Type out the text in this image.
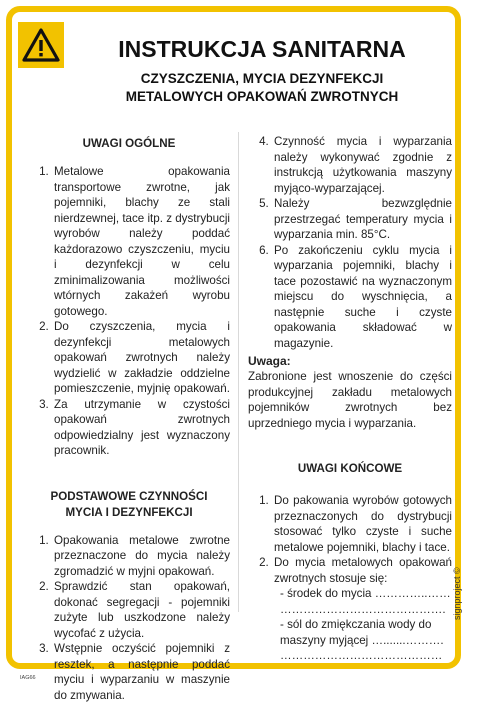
INSTRUKCJA SANITARNA
CZYSZCZENIA, MYCIA DEZYNFEKCJI
METALOWYCH OPAKOWAŃ ZWROTNYCH
UWAGI OGÓLNE
1. Metalowe opakowania transportowe zwrotne, jak pojemniki, blachy ze stali nierdzewnej, tace itp. z dystrybucji wyrobów należy poddać każdorazowo czyszczeniu, myciu i dezynfekcji w celu zminimalizowania możliwości wtórnych zakażeń wyrobu gotowego.
2. Do czyszczenia, mycia i dezynfekcji metalowych opakowań zwrotnych należy wydzielić w zakładzie oddzielne pomieszczenie, myjnię opakowań.
3. Za utrzymanie w czystości opakowań zwrotnych odpowiedzialny jest wyznaczony pracownik.
PODSTAWOWE CZYNNOŚCI
MYCIA I DEZYNFEKCJI
1. Opakowania metalowe zwrotne przeznaczone do mycia należy zgromadzić w myjni opakowań.
2. Sprawdzić stan opakowań, dokonać segregacji - pojemniki zużyte lub uszkodzone należy wycofać z użycia.
3. Wstępnie oczyścić pojemniki z resztek, a następnie poddać myciu i wyparzaniu w maszynie do zmywania.
4. Czynność mycia i wyparzania należy wykonywać zgodnie z instrukcją użytkowania maszyny myjąco-wyparzającej.
5. Należy bezwzględnie przestrzegać temperatury mycia i wyparzania min. 85°C.
6. Po zakończeniu cyklu mycia i wyparzania pojemniki, blachy i tace pozostawić na wyznaczonym miejscu do wyschnięcia, a następnie suche i czyste opakowania składować w magazynie.
Uwaga:

Zabronione jest wnoszenie do części produkcyjnej zakładu metalowych pojemników zwrotnych bez uprzedniego mycia i wyparzania.

UWAGI KOŃCOWE
1. Do pakowania wyrobów gotowych przeznaczonych do dystrybucji stosować tylko czyste i suche metalowe pojemniki, blachy i tace.
2. Do mycia metalowych opakowań zwrotnych stosuje się:
- środek do mycia …………..……
…………………………………….
- sól do zmiękczania wody do maszyny myjącej ….......……….
……………………………………
signproject ©
IAG66
